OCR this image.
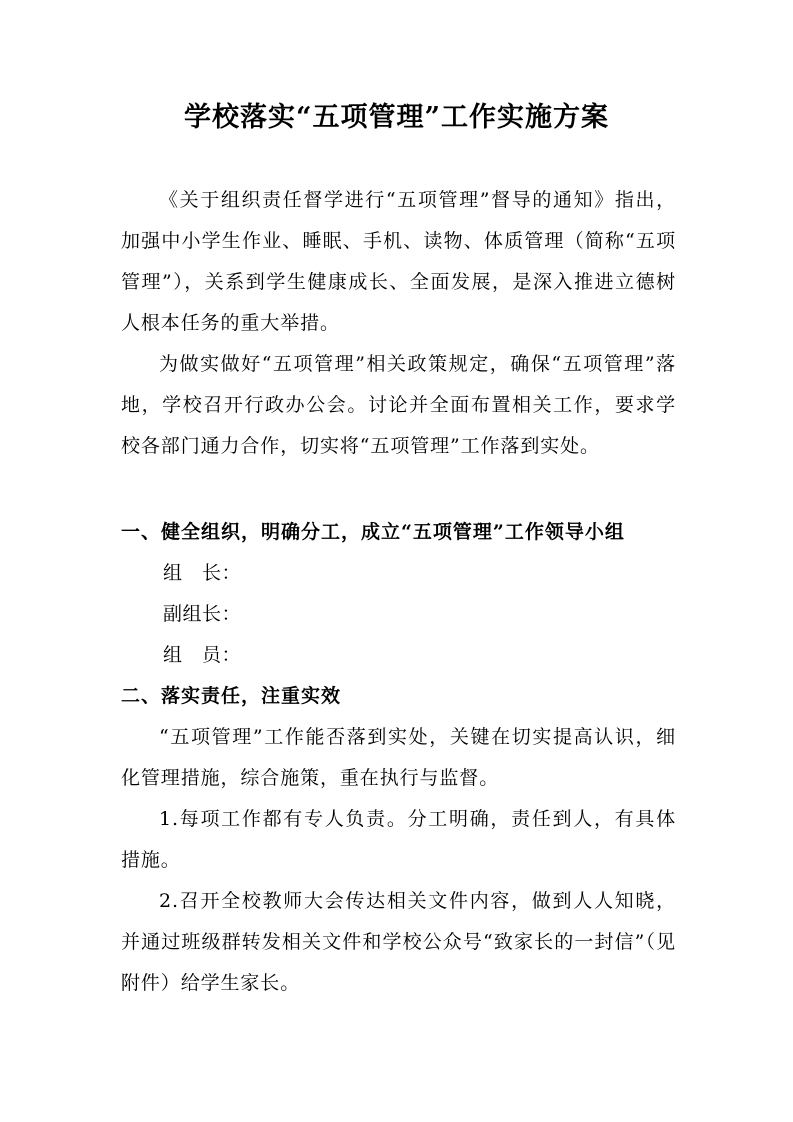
学校落实“五项管理”工作实施方案

《关于组织责任督学进行“五项管理”督导的通知》指出，加强中小学生作业、睡眠、手机、读物、体质管理（简称“五项管理”），关系到学生健康成长、全面发展，是深入推进立德树人根本任务的重大举措。

为做实做好“五项管理”相关政策规定，确保“五项管理”落地，学校召开行政办公会。讨论并全面布置相关工作，要求学校各部门通力合作，切实将“五项管理”工作落到实处。

一、健全组织，明确分工，成立“五项管理”工作领导小组

组　长：

副组长：

组　员：

二、落实责任，注重实效

“五项管理”工作能否落到实处，关键在切实提高认识，细化管理措施，综合施策，重在执行与监督。

1.每项工作都有专人负责。分工明确，责任到人，有具体措施。

2.召开全校教师大会传达相关文件内容，做到人人知晓，并通过班级群转发相关文件和学校公众号“致家长的一封信”（见附件）给学生家长。
